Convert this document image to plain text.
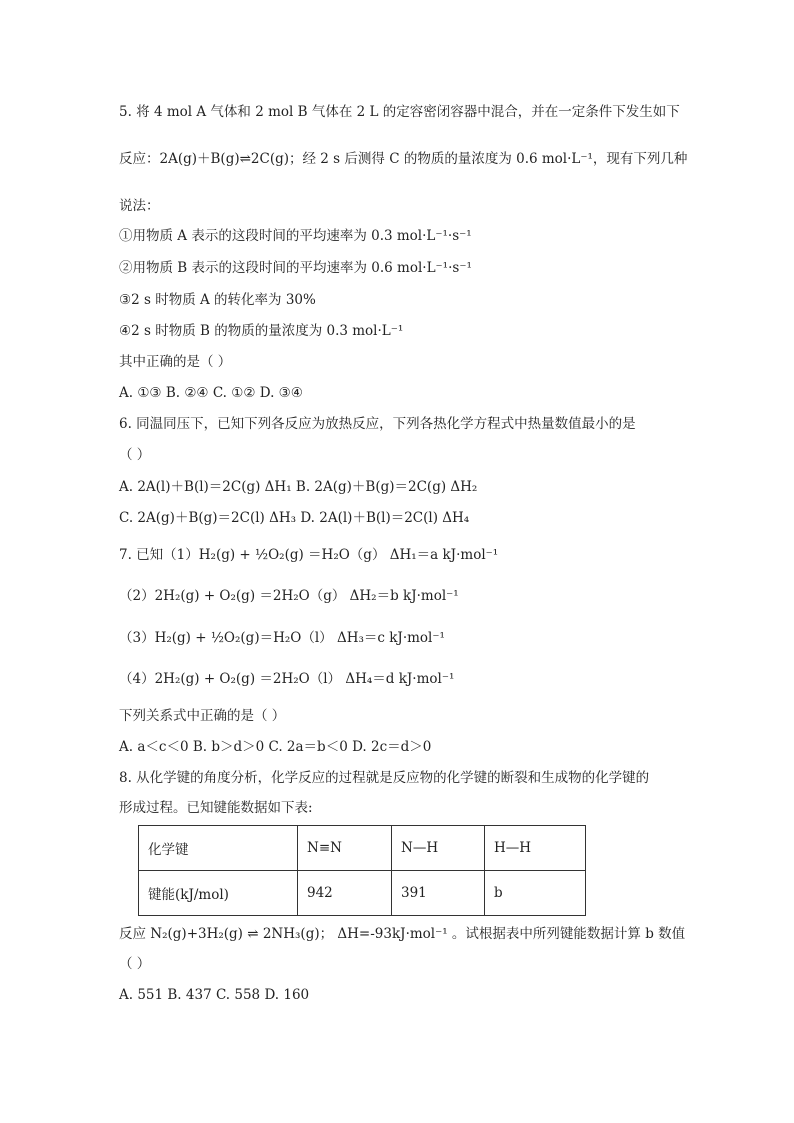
5. 将 4 mol A 气体和 2 mol B 气体在 2 L 的定容密闭容器中混合，并在一定条件下发生如下
反应：2A(g)＋B(g)⇌2C(g)；经 2 s 后测得 C 的物质的量浓度为 0.6 mol·L⁻¹，现有下列几种
说法：
①用物质 A 表示的这段时间的平均速率为 0.3 mol·L⁻¹·s⁻¹
②用物质 B 表示的这段时间的平均速率为 0.6 mol·L⁻¹·s⁻¹
③2 s 时物质 A 的转化率为 30%
④2 s 时物质 B 的物质的量浓度为 0.3 mol·L⁻¹
其中正确的是（ ）
A. ①③ B. ②④ C. ①② D. ③④
6. 同温同压下，已知下列各反应为放热反应，下列各热化学方程式中热量数值最小的是
（ ）
A. 2A(l)＋B(l)＝2C(g) ΔH₁ B. 2A(g)＋B(g)＝2C(g) ΔH₂
C. 2A(g)＋B(g)＝2C(l) ΔH₃ D. 2A(l)＋B(l)＝2C(l) ΔH₄
7. 已知（1）H₂(g) + ½O₂(g) ＝H₂O（g） ΔH₁＝a kJ·mol⁻¹
（2）2H₂(g) + O₂(g) ＝2H₂O（g） ΔH₂＝b kJ·mol⁻¹
（3）H₂(g) + ½O₂(g)＝H₂O（l） ΔH₃＝c kJ·mol⁻¹
（4）2H₂(g) + O₂(g) ＝2H₂O（l） ΔH₄＝d kJ·mol⁻¹
下列关系式中正确的是（ ）
A. a＜c＜0 B. b＞d＞0 C. 2a＝b＜0 D. 2c＝d＞0
8. 从化学键的角度分析，化学反应的过程就是反应物的化学键的断裂和生成物的化学键的
形成过程。已知键能数据如下表:
化学键	N≡N	N—H	H—H
键能(kJ/mol)	942	391	b
反应 N₂(g)+3H₂(g) ⇌ 2NH₃(g)； ΔH=-93kJ·mol⁻¹ 。试根据表中所列键能数据计算 b 数值
（ ）
A. 551 B. 437 C. 558 D. 160
